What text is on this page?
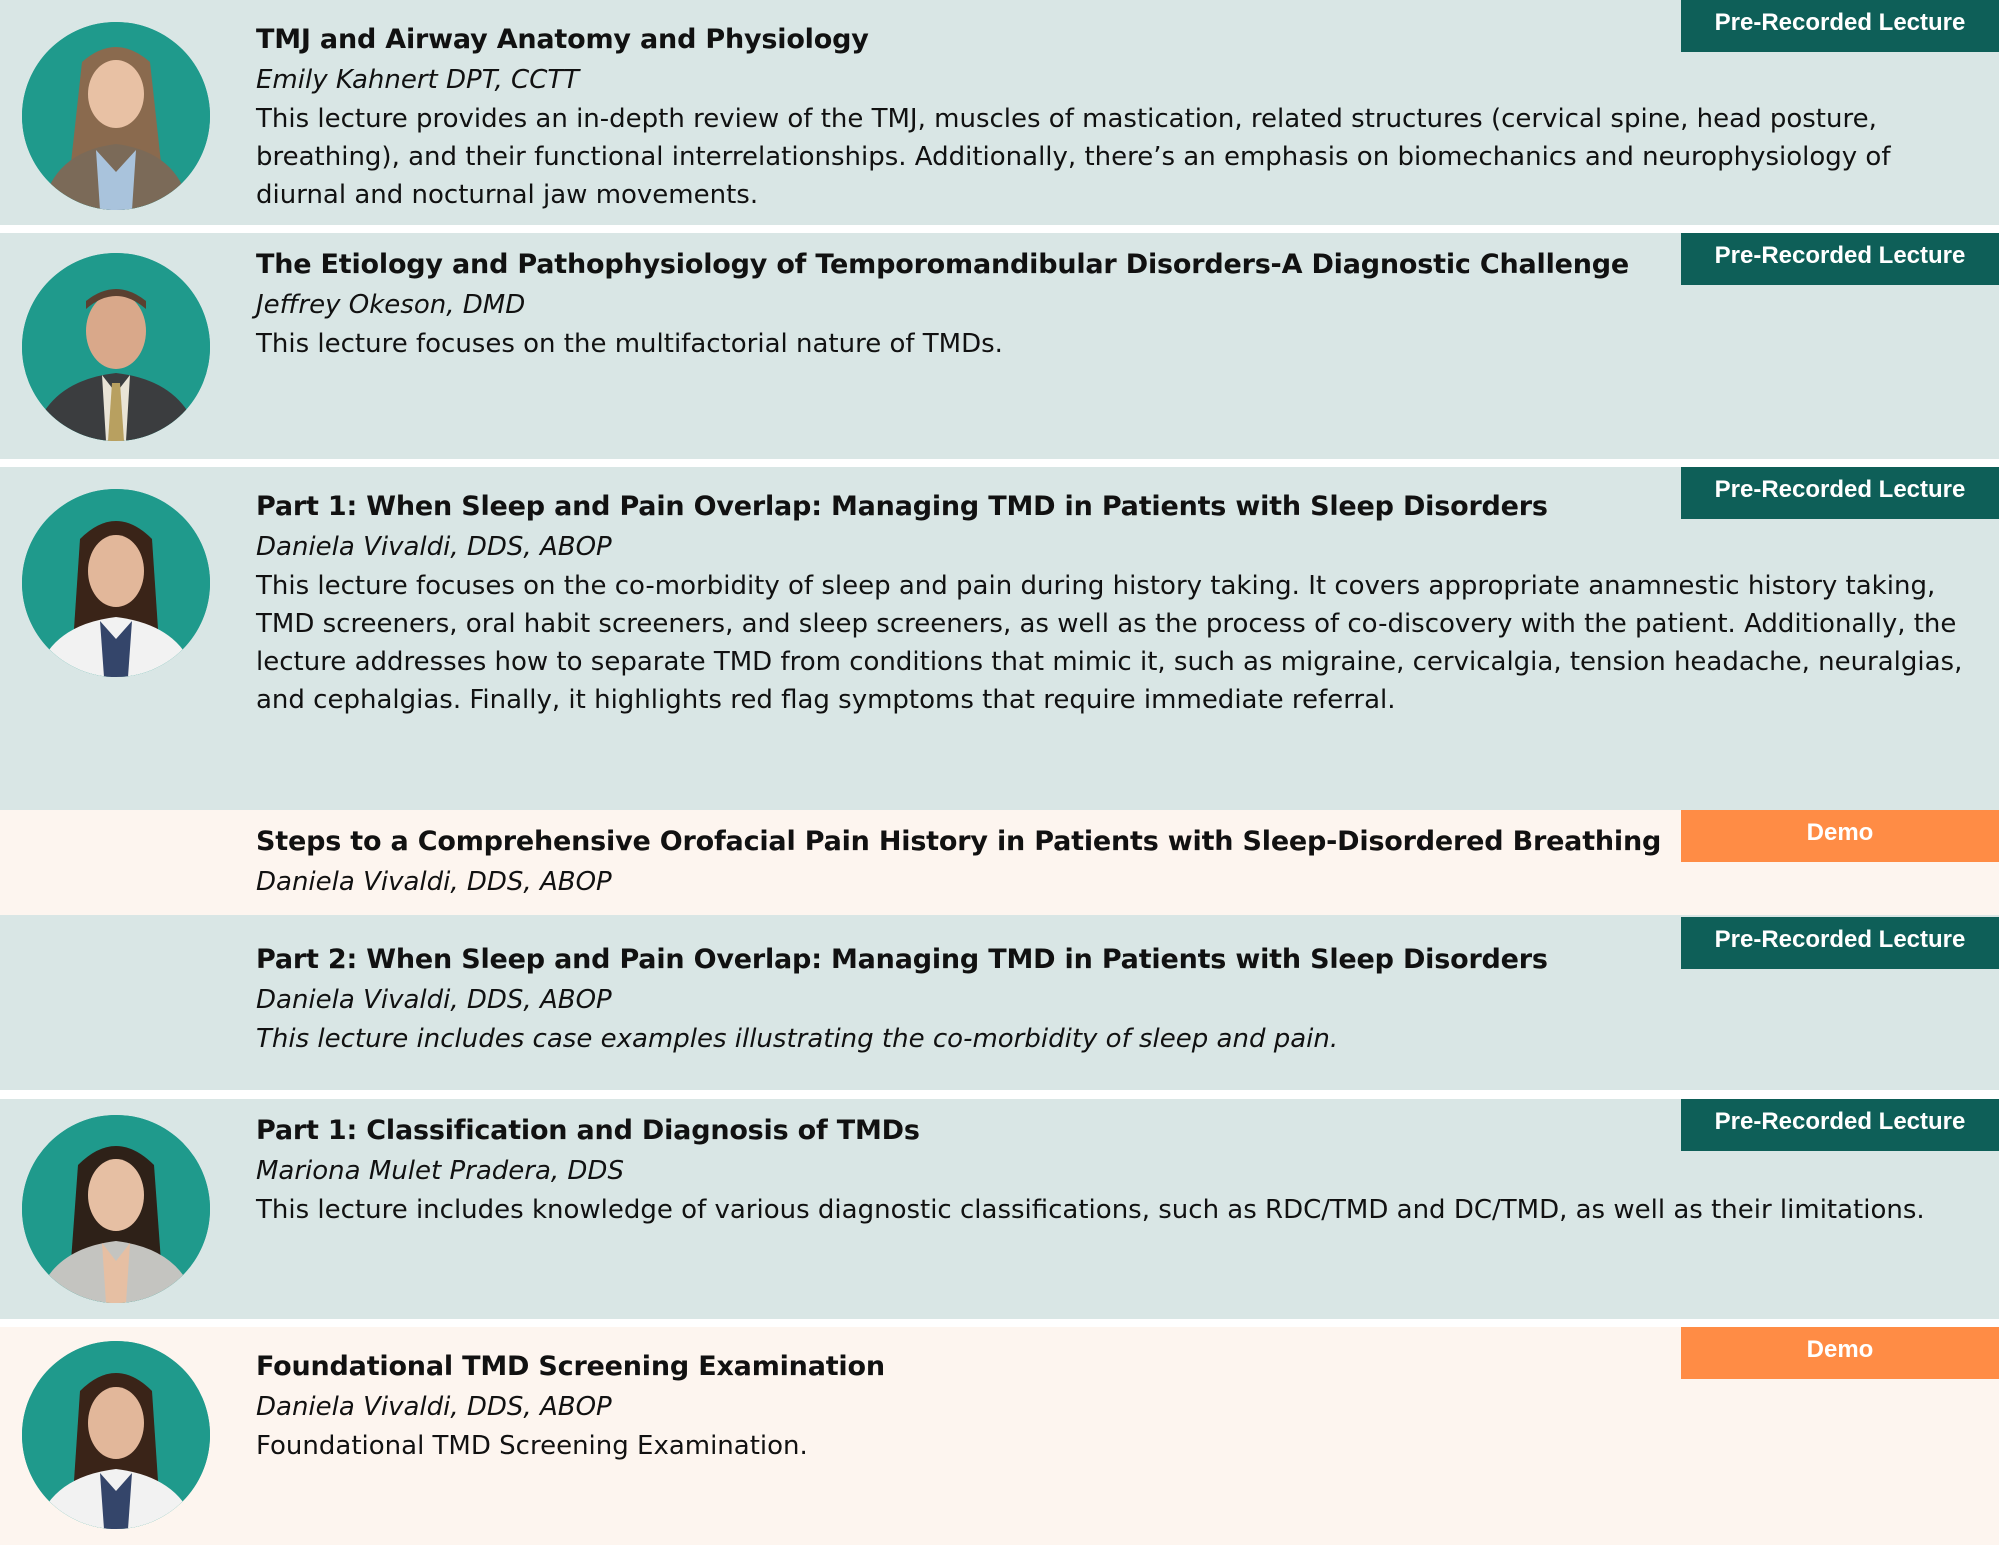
TMJ and Airway Anatomy and Physiology

Emily Kahnert DPT, CCTT

This lecture provides an in-depth review of the TMJ, muscles of mastication, related structures (cervical spine, head posture, breathing), and their functional interrelationships. Additionally, there’s an emphasis on biomechanics and neurophysiology of diurnal and nocturnal jaw movements.

Pre-Recorded Lecture

The Etiology and Pathophysiology of Temporomandibular Disorders-A Diagnostic Challenge

Jeffrey Okeson, DMD

This lecture focuses on the multifactorial nature of TMDs.

Pre-Recorded Lecture

Part 1: When Sleep and Pain Overlap: Managing TMD in Patients with Sleep Disorders

Daniela Vivaldi, DDS, ABOP

This lecture focuses on the co-morbidity of sleep and pain during history taking. It covers appropriate anamnestic history taking, TMD screeners, oral habit screeners, and sleep screeners, as well as the process of co-discovery with the patient. Additionally, the lecture addresses how to separate TMD from conditions that mimic it, such as migraine, cervicalgia, tension headache, neuralgias, and cephalgias. Finally, it highlights red flag symptoms that require immediate referral.

Pre-Recorded Lecture

Steps to a Comprehensive Orofacial Pain History in Patients with Sleep-Disordered Breathing

Daniela Vivaldi, DDS, ABOP

Demo

Part 2: When Sleep and Pain Overlap: Managing TMD in Patients with Sleep Disorders

Daniela Vivaldi, DDS, ABOP

This lecture includes case examples illustrating the co-morbidity of sleep and pain.

Pre-Recorded Lecture

Part 1: Classification and Diagnosis of TMDs

Mariona Mulet Pradera, DDS

This lecture includes knowledge of various diagnostic classifications, such as RDC/TMD and DC/TMD, as well as their limitations.

Pre-Recorded Lecture

Foundational TMD Screening Examination

Daniela Vivaldi, DDS, ABOP

Foundational TMD Screening Examination.

Demo
